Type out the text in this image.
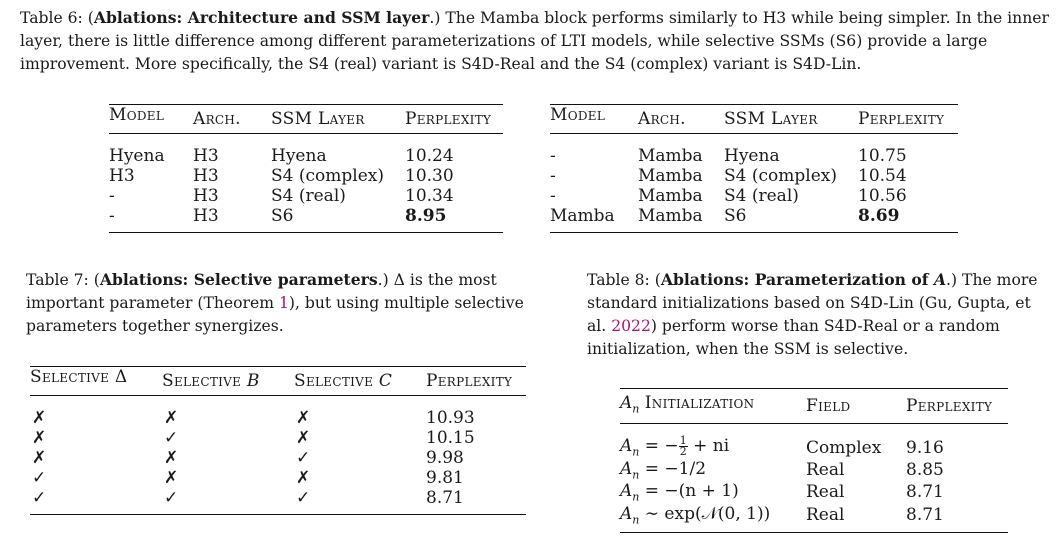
Table 6: (Ablations: Architecture and SSM layer.) The Mamba block performs similarly to H3 while being simpler. In the inner layer, there is little difference among different parameterizations of LTI models, while selective SSMs (S6) provide a large improvement. More specifically, the S4 (real) variant is S4D-Real and the S4 (complex) variant is S4D-Lin.
Model	Arch.	SSM Layer	Perplexity
Hyena	H3	Hyena	10.24
H3	H3	S4 (complex)	10.30
-	H3	S4 (real)	10.34
-	H3	S6	8.95
Model	Arch.	SSM Layer	Perplexity
-	Mamba	Hyena	10.75
-	Mamba	S4 (complex)	10.54
-	Mamba	S4 (real)	10.56
Mamba	Mamba	S6	8.69
Table 7: (Ablations: Selective parameters.) Δ is the most important parameter (Theorem 1), but using multiple selective parameters together synergizes.
Selective Δ	Selective B	Selective C	Perplexity
✗	✗	✗	10.93
✗	✓	✗	10.15
✗	✗	✓	9.98
✓	✗	✗	9.81
✓	✓	✓	8.71
Table 8: (Ablations: Parameterization of A.) The more standard initializations based on S4D-Lin (Gu, Gupta, et al. 2022) perform worse than S4D-Real or a random initialization, when the SSM is selective.
$A_n$ Initialization	Field	Perplexity
$A_n$ = − $\frac{1}{2}$ + ni	Complex	9.16
$A_n = -1/2$	Real	8.85
$A_n = -(n + 1)$	Real	8.71
$A_n$ ∼ exp(𝒩(0, 1))	Real	8.71
